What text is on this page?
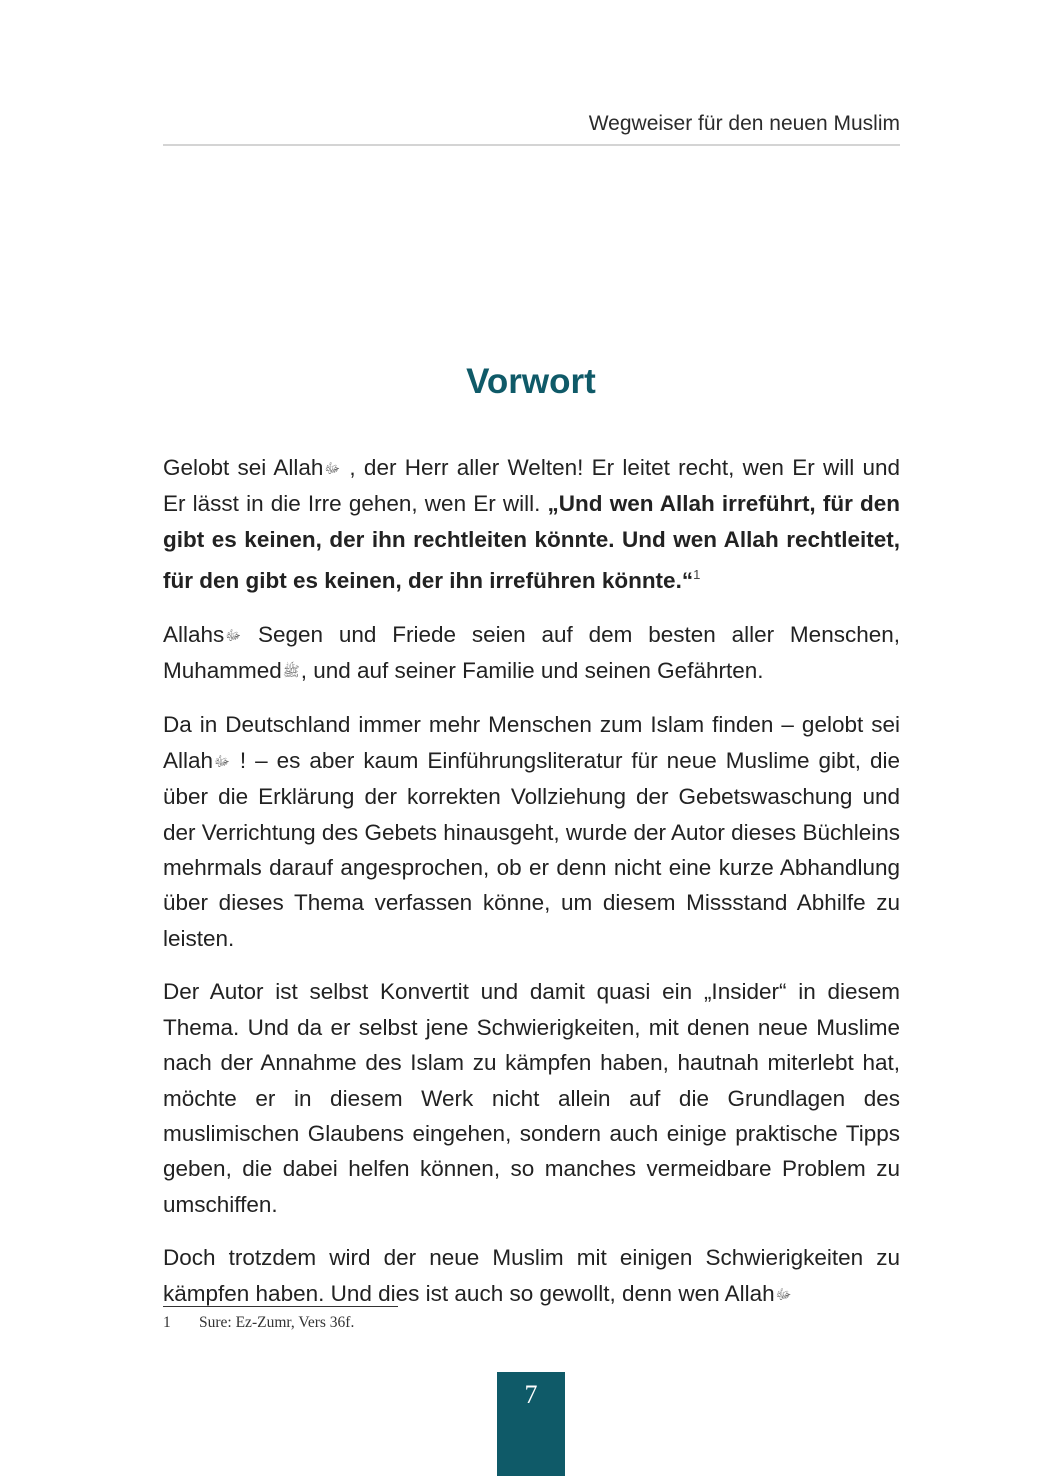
Wegweiser für den neuen Muslim
Vorwort

Gelobt sei Allahﷻ , der Herr aller Welten! Er leitet recht, wen Er will und Er lässt in die Irre gehen, wen Er will. „Und wen Allah irreführt, für den gibt es keinen, der ihn rechtleiten könnte. Und wen Allah rechtleitet, für den gibt es keinen, der ihn irreführen könnte.“$^1$

Allahsﷻ Segen und Friede seien auf dem besten aller Menschen, Muhammedﷺ, und auf seiner Familie und seinen Gefährten.

Da in Deutschland immer mehr Menschen zum Islam finden – gelobt sei Allahﷻ ! – es aber kaum Einführungsliteratur für neue Muslime gibt, die über die Erklärung der korrekten Vollziehung der Gebetswaschung und der Verrichtung des Gebets hinausgeht, wurde der Autor dieses Büchleins mehrmals darauf angesprochen, ob er denn nicht eine kurze Abhandlung über dieses Thema verfassen könne, um diesem Missstand Abhilfe zu leisten.

Der Autor ist selbst Konvertit und damit quasi ein „Insider“ in diesem Thema. Und da er selbst jene Schwierigkeiten, mit denen neue Muslime nach der Annahme des Islam zu kämpfen haben, hautnah miterlebt hat, möchte er in diesem Werk nicht allein auf die Grundlagen des muslimischen Glaubens eingehen, sondern auch einige praktische Tipps geben, die dabei helfen können, so manches vermeidbare Problem zu umschiffen.

Doch trotzdem wird der neue Muslim mit einigen Schwierigkeiten zu kämpfen haben. Und dies ist auch so gewollt, denn wen Allahﷻ

1 Sure: Ez-Zumr, Vers 36f.
7
